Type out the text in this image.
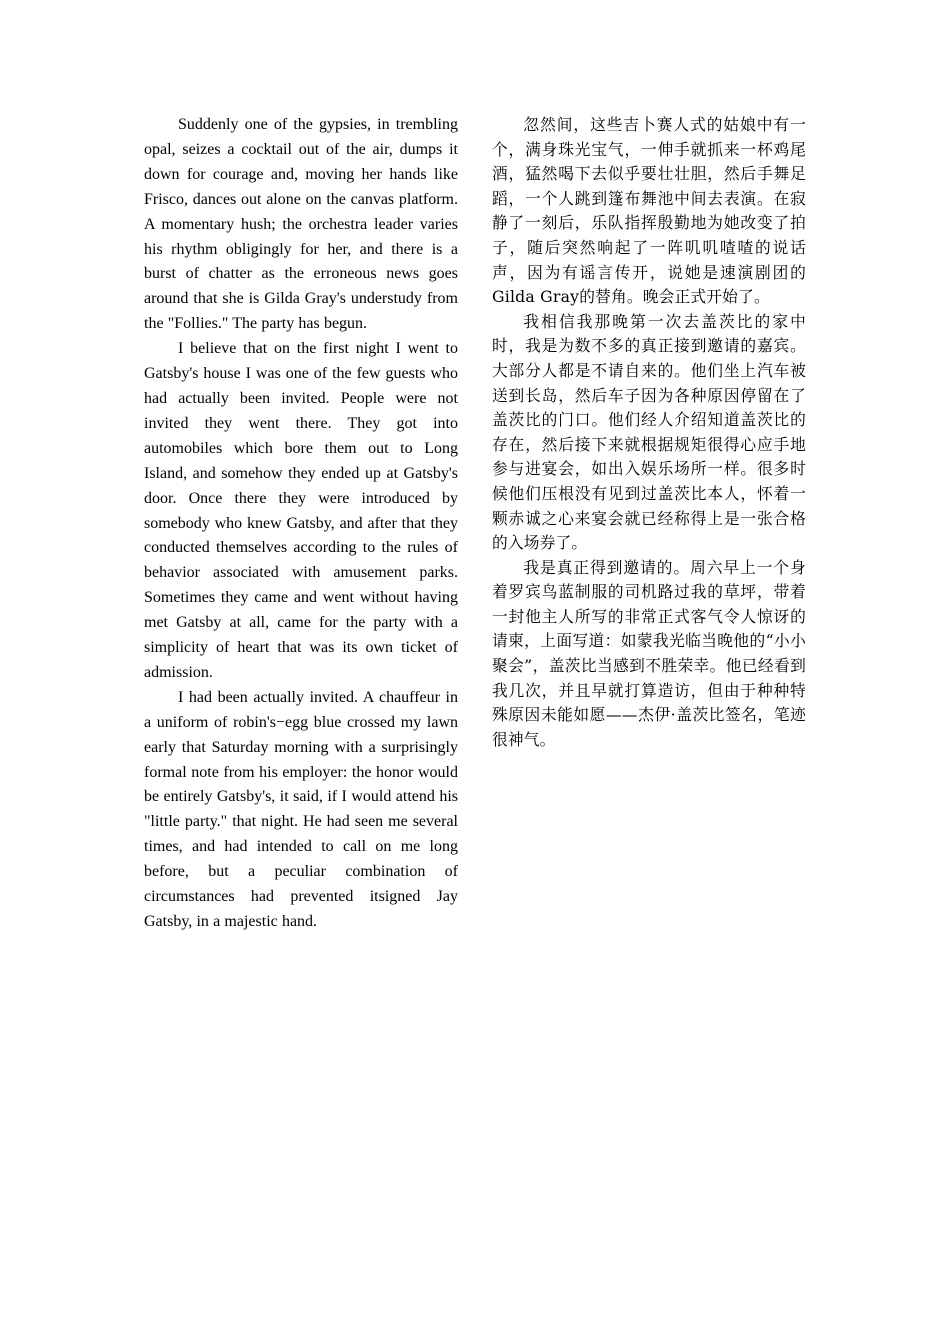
Suddenly one of the gypsies, in trembling opal, seizes a cocktail out of the air, dumps it down for courage and, moving her hands like Frisco, dances out alone on the canvas platform. A momentary hush; the orchestra leader varies his rhythm obligingly for her, and there is a burst of chatter as the erroneous news goes around that she is Gilda Gray's understudy from the "Follies." The party has begun.

I believe that on the first night I went to Gatsby's house I was one of the few guests who had actually been invited. People were not invited they went there. They got into automobiles which bore them out to Long Island, and somehow they ended up at Gatsby's door. Once there they were introduced by somebody who knew Gatsby, and after that they conducted themselves according to the rules of behavior associated with amusement parks. Sometimes they came and went without having met Gatsby at all, came for the party with a simplicity of heart that was its own ticket of admission.

I had been actually invited. A chauffeur in a uniform of robin's−egg blue crossed my lawn early that Saturday morning with a surprisingly formal note from his employer: the honor would be entirely Gatsby's, it said, if I would attend his "little party." that night. He had seen me several times, and had intended to call on me long before, but a peculiar combination of circumstances had prevented itsigned Jay Gatsby, in a majestic hand.

忽然间，这些吉卜赛人式的姑娘中有一个，满身珠光宝气，一伸手就抓来一杯鸡尾酒，猛然喝下去似乎要壮壮胆，然后手舞足蹈，一个人跳到篷布舞池中间去表演。在寂静了一刻后，乐队指挥殷勤地为她改变了拍子，随后突然响起了一阵叽叽喳喳的说话声，因为有谣言传开，说她是速演剧团的Gilda Gray的替角。晚会正式开始了。

我相信我那晚第一次去盖茨比的家中时，我是为数不多的真正接到邀请的嘉宾。大部分人都是不请自来的。他们坐上汽车被送到长岛，然后车子因为各种原因停留在了盖茨比的门口。他们经人介绍知道盖茨比的存在，然后接下来就根据规矩很得心应手地参与进宴会，如出入娱乐场所一样。很多时候他们压根没有见到过盖茨比本人，怀着一颗赤诚之心来宴会就已经称得上是一张合格的入场券了。

我是真正得到邀请的。周六早上一个身着罗宾鸟蓝制服的司机路过我的草坪，带着一封他主人所写的非常正式客气令人惊讶的请柬，上面写道：如蒙我光临当晚他的“小小聚会”，盖茨比当感到不胜荣幸。他已经看到我几次，并且早就打算造访，但由于种种特殊原因未能如愿——杰伊·盖茨比签名，笔迹很神气。
